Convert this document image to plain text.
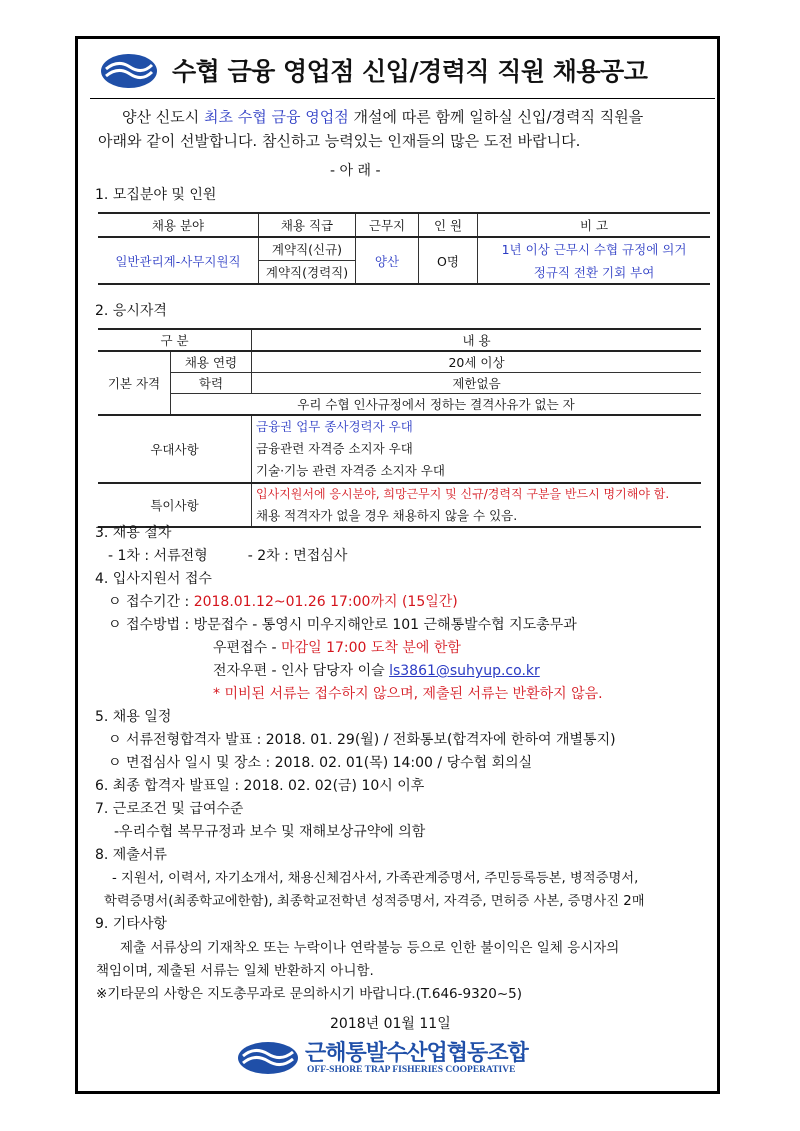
수협 금융 영업점 신입/경력직 직원 채용공고
양산 신도시 최초 수협 금융 영업점 개설에 따른 함께 일하실 신입/경력직 직원을
아래와 같이 선발합니다. 참신하고 능력있는 인재들의 많은 도전 바랍니다.
- 아 래 -
1. 모집분야 및 인원
채용 분야	채용 직급	근무지	인 원	비 고
일반관리계-사무지원직	계약직(신규)	양산	O명	1년 이상 근무시 수협 규정에 의거
	계약직(경력직)			정규직 전환 기회 부여
2. 응시자격
구 분		내 용
기본 자격	채용 연령	20세 이상
	학력	제한없음
	우리 수협 인사규정에서 정하는 결격사유가 없는 자	
우대사항		금융권 업무 종사경력자 우대
금융관련 자격증 소지자 우대
기술·기능 관련 자격증 소지자 우대

특이사항		입사지원서에 응시분야, 희망근무지 및 신규/경력직 구분을 반드시 명기해야 함.
채용 적격자가 없을 경우 채용하지 않을 수 있음.
3. 채용 절차
- 1차 : 서류전형         - 2차 : 면접심사
4. 입사지원서 접수
ㅇ 접수기간 : 2018.01.12~01.26 17:00까지 (15일간)
ㅇ 접수방법 : 방문접수 - 통영시 미우지해안로 101 근해통발수협 지도총무과
우편접수 - 마감일 17:00 도착 분에 한함
전자우편 - 인사 담당자 이슬 ls3861@suhyup.co.kr
* 미비된 서류는 접수하지 않으며, 제출된 서류는 반환하지 않음.
5. 채용 일정
ㅇ 서류전형합격자 발표 : 2018. 01. 29(월) / 전화통보(합격자에 한하여 개별통지)
ㅇ 면접심사 일시 및 장소 : 2018. 02. 01(목) 14:00 / 당수협 회의실
6. 최종 합격자 발표일 : 2018. 02. 02(금) 10시 이후
7. 근로조건 및 급여수준
-우리수협 복무규정과 보수 및 재해보상규약에 의함
8. 제출서류
- 지원서, 이력서, 자기소개서, 채용신체검사서, 가족관계증명서, 주민등록등본, 병적증명서,
학력증명서(최종학교에한함), 최종학교전학년 성적증명서, 자격증, 면허증 사본, 증명사진 2매
9. 기타사항
제출 서류상의 기재착오 또는 누락이나 연락불능 등으로 인한 불이익은 일체 응시자의
책임이며, 제출된 서류는 일체 반환하지 아니함.
※기타문의 사항은 지도총무과로 문의하시기 바랍니다.(T.646-9320~5)
2018년 01월 11일
근해통발수산업협동조합
OFF-SHORE TRAP FISHERIES COOPERATIVE
